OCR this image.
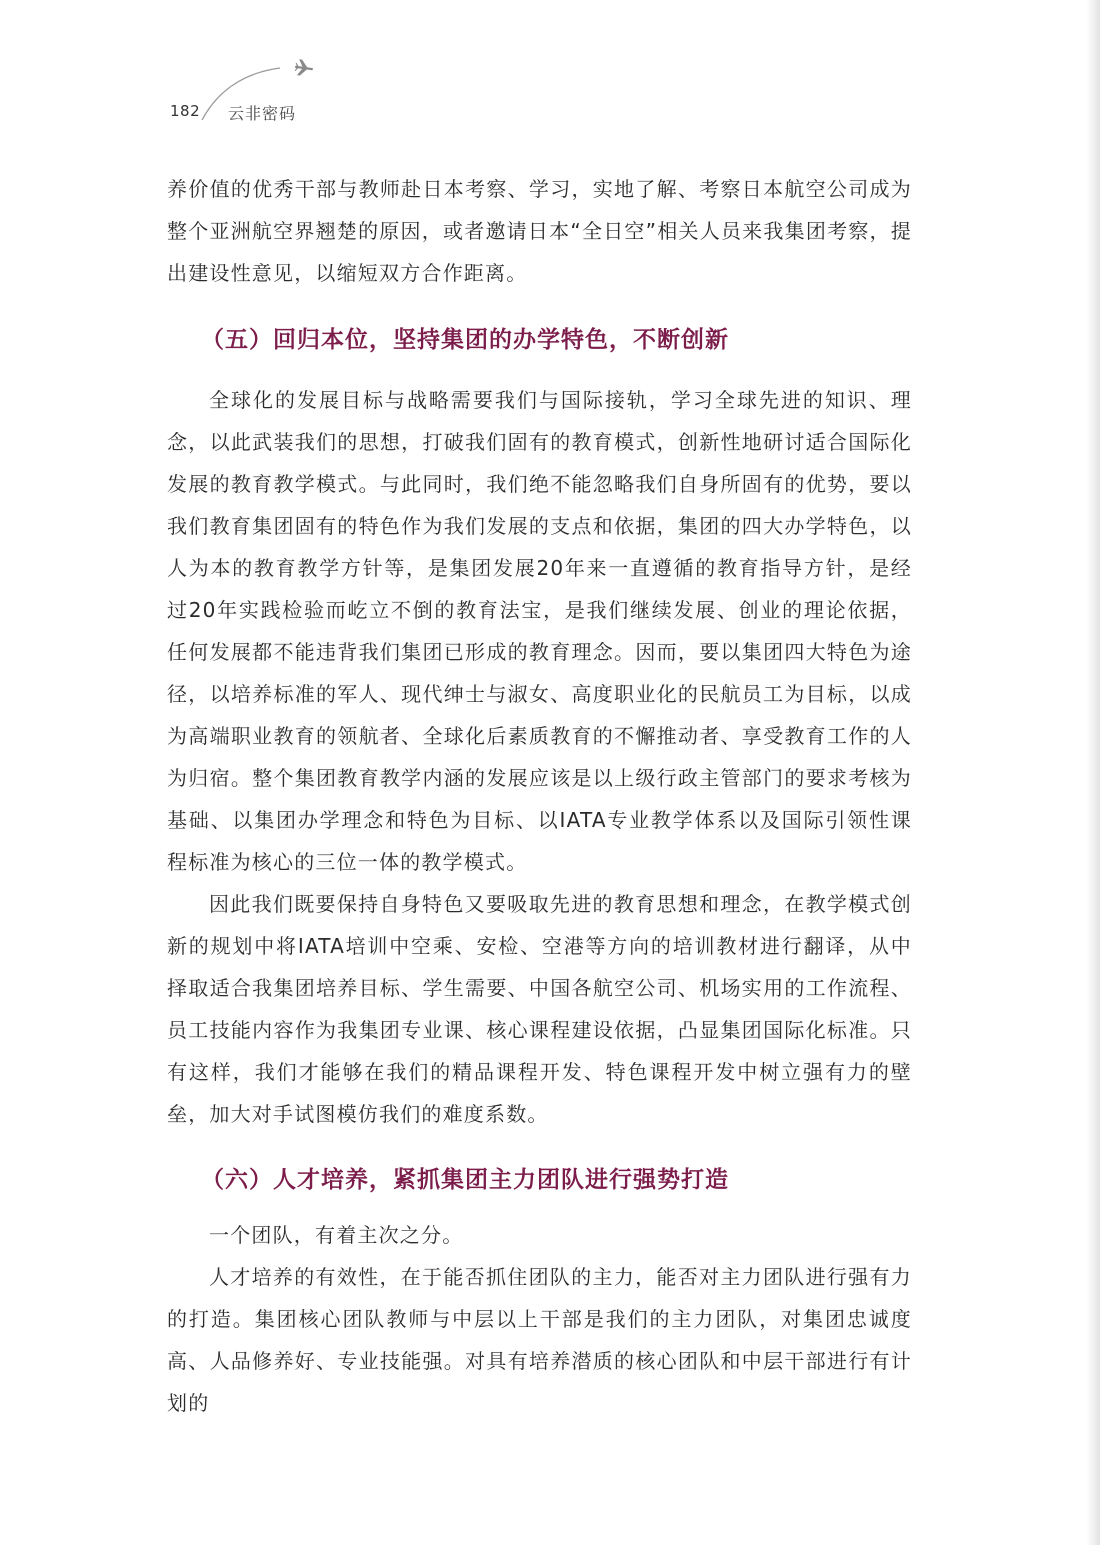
182 云非密码

养价值的优秀干部与教师赴日本考察、学习，实地了解、考察日本航空公司成为整个亚洲航空界翘楚的原因，或者邀请日本“全日空”相关人员来我集团考察，提出建设性意见，以缩短双方合作距离。

（五）回归本位，坚持集团的办学特色，不断创新

全球化的发展目标与战略需要我们与国际接轨，学习全球先进的知识、理念，以此武装我们的思想，打破我们固有的教育模式，创新性地研讨适合国际化发展的教育教学模式。与此同时，我们绝不能忽略我们自身所固有的优势，要以我们教育集团固有的特色作为我们发展的支点和依据，集团的四大办学特色，以人为本的教育教学方针等，是集团发展20年来一直遵循的教育指导方针，是经过20年实践检验而屹立不倒的教育法宝，是我们继续发展、创业的理论依据，任何发展都不能违背我们集团已形成的教育理念。因而，要以集团四大特色为途径，以培养标准的军人、现代绅士与淑女、高度职业化的民航员工为目标，以成为高端职业教育的领航者、全球化后素质教育的不懈推动者、享受教育工作的人为归宿。整个集团教育教学内涵的发展应该是以上级行政主管部门的要求考核为基础、以集团办学理念和特色为目标、以IATA专业教学体系以及国际引领性课程标准为核心的三位一体的教学模式。

因此我们既要保持自身特色又要吸取先进的教育思想和理念，在教学模式创新的规划中将IATA培训中空乘、安检、空港等方向的培训教材进行翻译，从中择取适合我集团培养目标、学生需要、中国各航空公司、机场实用的工作流程、员工技能内容作为我集团专业课、核心课程建设依据，凸显集团国际化标准。只有这样，我们才能够在我们的精品课程开发、特色课程开发中树立强有力的壁垒，加大对手试图模仿我们的难度系数。

（六）人才培养，紧抓集团主力团队进行强势打造

一个团队，有着主次之分。

人才培养的有效性，在于能否抓住团队的主力，能否对主力团队进行强有力的打造。集团核心团队教师与中层以上干部是我们的主力团队，对集团忠诚度高、人品修养好、专业技能强。对具有培养潜质的核心团队和中层干部进行有计划的
